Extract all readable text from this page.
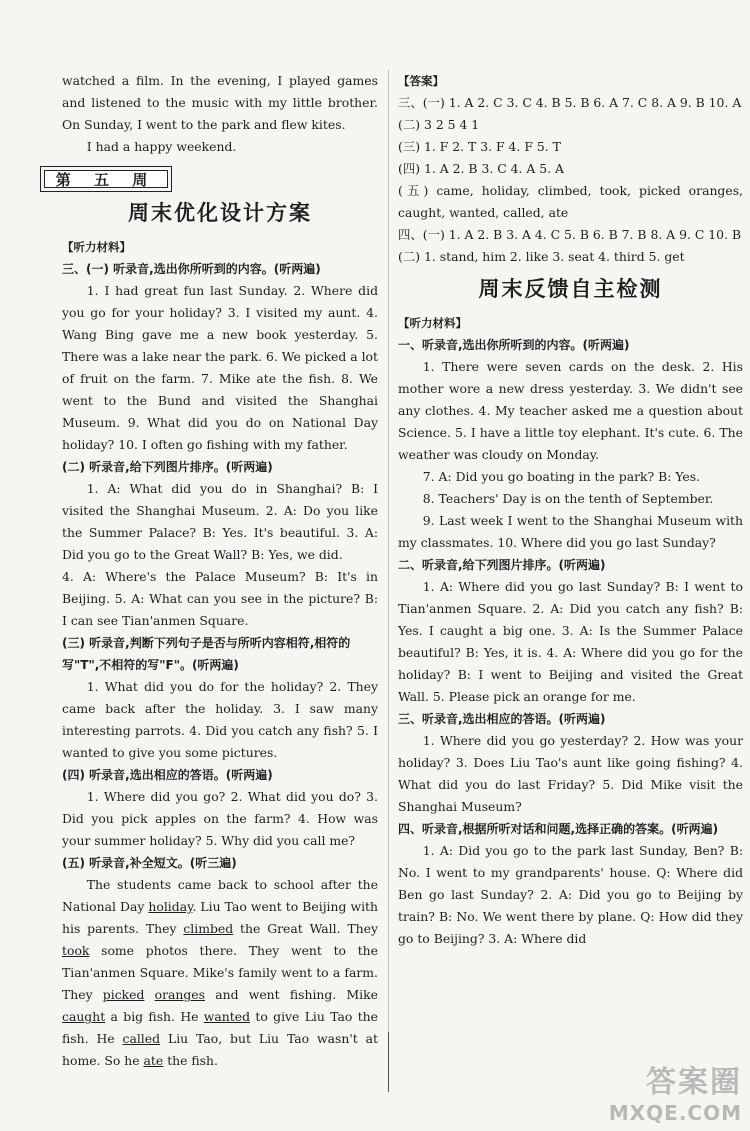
watched a film. In the evening, I played games and listened to the music with my little brother. On Sunday, I went to the park and flew kites.

I had a happy weekend.

第 五 周
周末优化设计方案
【听力材料】
三、(一) 听录音,选出你所听到的内容。(听两遍)

1. I had great fun last Sunday. 2. Where did you go for your holiday? 3. I visited my aunt. 4. Wang Bing gave me a new book yesterday. 5. There was a lake near the park. 6. We picked a lot of fruit on the farm. 7. Mike ate the fish. 8. We went to the Bund and visited the Shanghai Museum. 9. What did you do on National Day holiday? 10. I often go fishing with my father.

(二) 听录音,给下列图片排序。(听两遍)

1. A: What did you do in Shanghai? B: I visited the Shanghai Museum. 2. A: Do you like the Summer Palace? B: Yes. It's beautiful. 3. A: Did you go to the Great Wall? B: Yes, we did.

4. A: Where's the Palace Museum? B: It's in Beijing. 5. A: What can you see in the picture? B: I can see Tian'anmen Square.

(三) 听录音,判断下列句子是否与所听内容相符,相符的写"T",不相符的写"F"。(听两遍)

1. What did you do for the holiday? 2. They came back after the holiday. 3. I saw many interesting parrots. 4. Did you catch any fish? 5. I wanted to give you some pictures.

(四) 听录音,选出相应的答语。(听两遍)

1. Where did you go? 2. What did you do? 3. Did you pick apples on the farm? 4. How was your summer holiday? 5. Why did you call me?

(五) 听录音,补全短文。(听三遍)

The students came back to school after the National Day holiday. Liu Tao went to Beijing with his parents. They climbed the Great Wall. They took some photos there. They went to the Tian'anmen Square. Mike's family went to a farm. They picked oranges and went fishing. Mike caught a big fish. He wanted to give Liu Tao the fish. He called Liu Tao, but Liu Tao wasn't at home. So he ate the fish.

【答案】

三、(一) 1. A 2. C 3. C 4. B 5. B 6. A 7. C 8. A 9. B 10. A

(二) 3 2 5 4 1

(三) 1. F 2. T 3. F 4. F 5. T

(四) 1. A 2. B 3. C 4. A 5. A

(五) came, holiday, climbed, took, picked oranges, caught, wanted, called, ate

四、(一) 1. A 2. B 3. A 4. C 5. B 6. B 7. B 8. A 9. C 10. B

(二) 1. stand, him 2. like 3. seat 4. third 5. get

周末反馈自主检测
【听力材料】
一、听录音,选出你所听到的内容。(听两遍)

1. There were seven cards on the desk. 2. His mother wore a new dress yesterday. 3. We didn't see any clothes. 4. My teacher asked me a question about Science. 5. I have a little toy elephant. It's cute. 6. The weather was cloudy on Monday.

7. A: Did you go boating in the park? B: Yes.

8. Teachers' Day is on the tenth of September.

9. Last week I went to the Shanghai Museum with my classmates. 10. Where did you go last Sunday?

二、听录音,给下列图片排序。(听两遍)

1. A: Where did you go last Sunday? B: I went to Tian'anmen Square. 2. A: Did you catch any fish? B: Yes. I caught a big one. 3. A: Is the Summer Palace beautiful? B: Yes, it is. 4. A: Where did you go for the holiday? B: I went to Beijing and visited the Great Wall. 5. Please pick an orange for me.

三、听录音,选出相应的答语。(听两遍)

1. Where did you go yesterday? 2. How was your holiday? 3. Does Liu Tao's aunt like going fishing? 4. What did you do last Friday? 5. Did Mike visit the Shanghai Museum?

四、听录音,根据所听对话和问题,选择正确的答案。(听两遍)

1. A: Did you go to the park last Sunday, Ben? B: No. I went to my grandparents' house. Q: Where did Ben go last Sunday? 2. A: Did you go to Beijing by train? B: No. We went there by plane. Q: How did they go to Beijing? 3. A: Where did

答案圈
MXQE.COM
